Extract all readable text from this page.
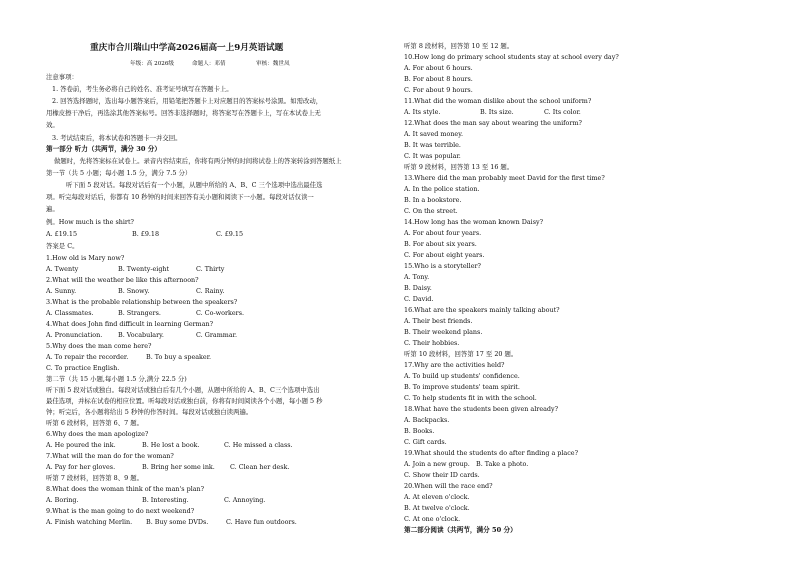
重庆市合川瑞山中学高2026届高一上9月英语试题
年级：高 2026级	命题人：邓倩	审核：魏世凤
注意事项：
1. 答卷前，考生务必将自己的姓名、准考证号填写在答题卡上。
2. 回答选择题时，选出每小题答案后，用铅笔把答题卡上对应题目的答案标号涂黑。如需改动，
用橡皮擦干净后，再选涂其他答案标号。回答非选择题时，将答案写在答题卡上，写在本试卷上无
效。
3. 考试结束后，将本试卷和答题卡一并交回。
第一部分 听力（共两节，满分 30 分）
做题时，先将答案标在试卷上。录音内容结束后，你将有两分钟的时间将试卷上的答案转涂到答题纸上
第一节（共 5 小题；每小题 1.5 分，满分 7.5 分）
听下面 5 段对话。每段对话后有一个小题，从题中所给的 A、B、C 三个选项中选出最佳选
项。听完每段对话后，你都有 10 秒钟的时间来回答有关小题和阅读下一小题。每段对话仅读一
遍。
例。How much is the shirt?
A. £19.15	B. £9.18	C. £9.15
答案是 C。
1.How old is Mary now?
A. Twenty	B. Twenty-eight	C. Thirty
2.What will the weather be like this afternoon?
A. Sunny.	B. Snowy.	C. Rainy.
3.What is the probable relationship between the speakers?
A. Classmates.	B. Strangers.	C. Co-workers.
4.What does John find difficult in learning German?
A. Pronunciation. B. Vocabulary.	C. Grammar.
5.Why does the man come here?
A. To repair the recorder.	B. To buy a speaker.
C. To practice English.
第二节（共 15 小题,每小题 1.5 分,满分 22.5 分)
听下面 5 段对话或独白。每段对话或独白后有几个小题，从题中所给的 A、B、C三个选项中选出
最佳选项，并标在试卷的相应位置。听每段对话或独白前，你将有时间阅读各个小题，每小题 5 秒
钟；听完后，各小题将给出 5 秒钟的作答时间。每段对话或独白读两遍。
听第 6 段材料，回答第 6、7 题。
6.Why does the man apologize?
A. He poured the ink.	B. He lost a book.	C. He missed a class.
7.What will the man do for the woman?
A. Pay for her gloves.	B. Bring her some ink. C. Clean her desk.
听第 7 段材料，回答第 8、9 题。
8.What does the woman think of the man's plan?
A. Boring.	B. Interesting.	C. Annoying.
9.What is the man going to do next weekend?
A. Finish watching Merlin. B. Buy some DVDs.	C. Have fun outdoors.
听第 8 段材料，回答第 10 至 12 题。
10.How long do primary school students stay at school every day?
A. For about 6 hours.
B. For about 8 hours.
C. For about 9 hours.
11.What did the woman dislike about the school uniform?
A. Its style.	B. Its size.	C. Its color.
12.What does the man say about wearing the uniform?
A. It saved money.
B. It was terrible.
C. It was popular.
听第 9 段材料，回答第 13 至 16 题。
13.Where did the man probably meet David for the first time?
A. In the police station.
B. In a bookstore.
C. On the street.
14.How long has the woman known Daisy?
A. For about four years.
B. For about six years.
C. For about eight years.
15.Who is a storyteller?
A. Tony.
B. Daisy.
C. David.
16.What are the speakers mainly talking about?
A. Their best friends.
B. Their weekend plans.
C. Their hobbies.
听第 10 段材料，回答第 17 至 20 题。
17.Why are the activities held?
A. To build up students' confidence.
B. To improve students' team spirit.
C. To help students fit in with the school.
18.What have the students been given already?
A. Backpacks.
B. Books.
C. Gift cards.
19.What should the students do after finding a place?
A. Join a new group. B. Take a photo.
C. Show their ID cards.
20.When will the race end?
A. At eleven o'clock.
B. At twelve o'clock.
C. At one o'clock.
第二部分阅读（共两节，满分 50 分）
